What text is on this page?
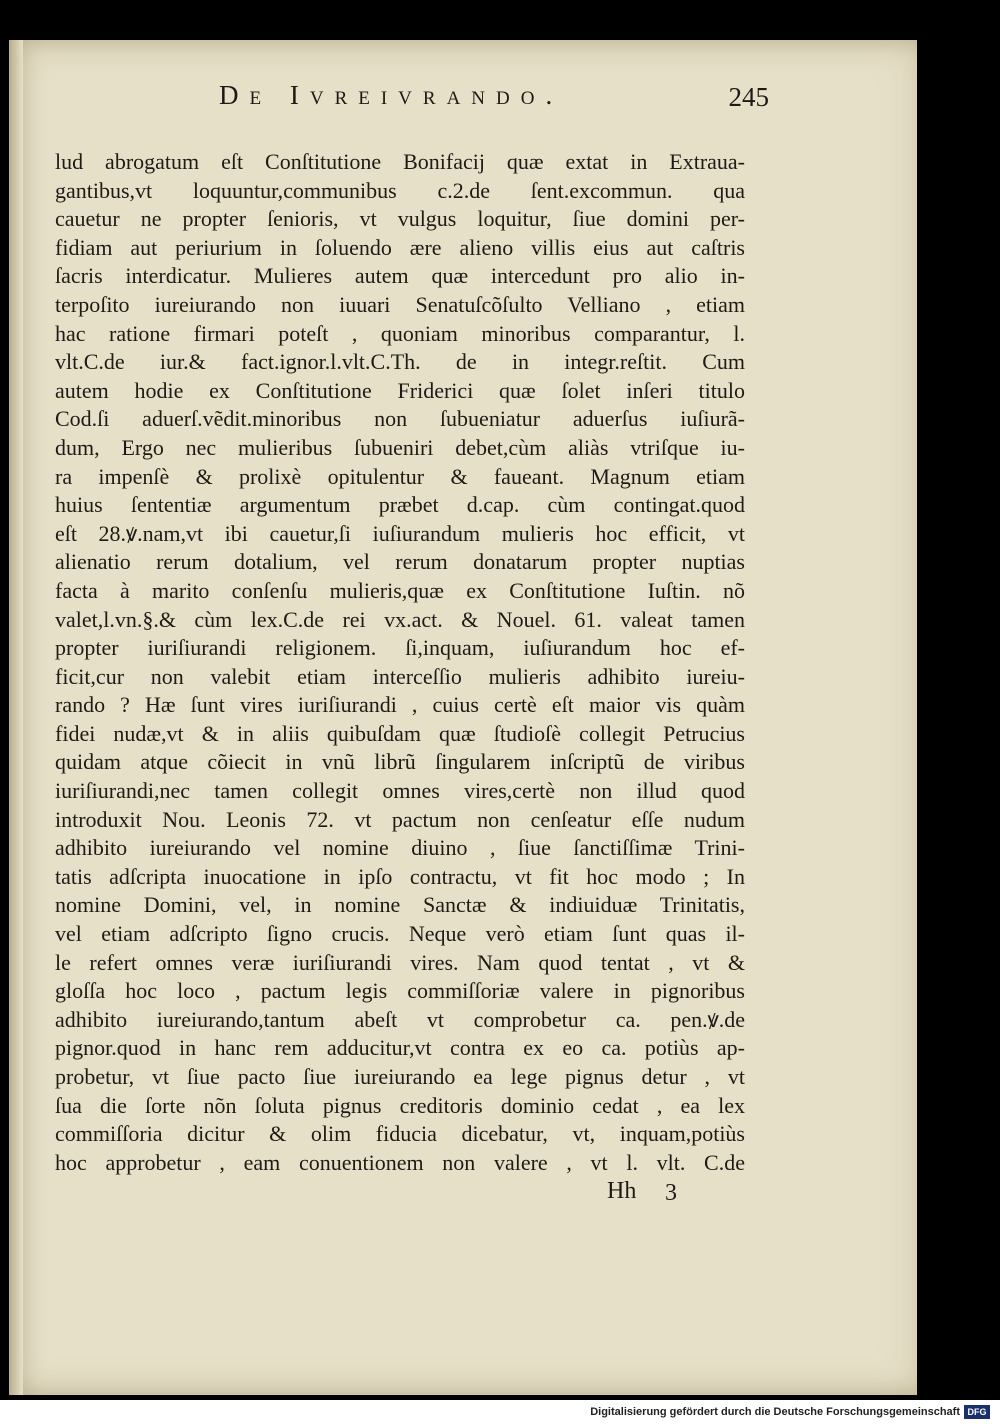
De Ivreivrando.	245
lud abrogatum eſt Conſtitutione Bonifacij quæ extat in Extraua-
gantibus,vt loquuntur,communibus c.2.de ſent.excommun. qua
cauetur ne propter ſenioris, vt vulgus loquitur, ſiue domini per-
fidiam aut periurium in ſoluendo ære alieno villis eius aut caſtris
ſacris interdicatur. Mulieres autem quæ intercedunt pro alio in-
terpoſito iureiurando non iuuari Senatuſcõſulto Velliano , etiam
hac ratione firmari poteſt , quoniam minoribus comparantur, l.
vlt.C.de iur.& fact.ignor.l.vlt.C.Th. de in integr.reſtit. Cum
autem hodie ex Conſtitutione Friderici quæ ſolet inſeri titulo
Cod.ſi aduerſ.vẽdit.minoribus non ſubueniatur aduerſus iuſiurã-
dum, Ergo nec mulieribus ſubueniri debet,cùm aliàs vtriſque iu-
ra impenſè & prolixè opitulentur & faueant. Magnum etiam
huius ſententiæ argumentum præbet d.cap. cùm contingat.quod
eſt 28.ꝟ.nam,vt ibi cauetur,ſi iuſiurandum mulieris hoc efficit, vt
alienatio rerum dotalium, vel rerum donatarum propter nuptias
facta à marito conſenſu mulieris,quæ ex Conſtitutione Iuſtin. nõ
valet,l.vn.§.& cùm lex.C.de rei vx.act. & Nouel. 61. valeat tamen
propter iuriſiurandi religionem. ſi,inquam, iuſiurandum hoc ef-
ficit,cur non valebit etiam interceſſio mulieris adhibito iureiu-
rando ? Hæ ſunt vires iuriſiurandi , cuius certè eſt maior vis quàm
fidei nudæ,vt & in aliis quibuſdam quæ ſtudioſè collegit Petrucius
quidam atque cõiecit in vnũ librũ ſingularem inſcriptũ de viribus
iuriſiurandi,nec tamen collegit omnes vires,certè non illud quod
introduxit Nou. Leonis 72. vt pactum non cenſeatur eſſe nudum
adhibito iureiurando vel nomine diuino , ſiue ſanctiſſimæ Trini-
tatis adſcripta inuocatione in ipſo contractu, vt fit hoc modo ; In
nomine Domini, vel, in nomine Sanctæ & indiuiduæ Trinitatis,
vel etiam adſcripto ſigno crucis. Neque verò etiam ſunt quas il-
le refert omnes veræ iuriſiurandi vires. Nam quod tentat , vt &
gloſſa hoc loco , pactum legis commiſſoriæ valere in pignoribus
adhibito iureiurando,tantum abeſt vt comprobetur ca. pen.ꝟ.de
pignor.quod in hanc rem adducitur,vt contra ex eo ca. potiùs ap-
probetur, vt ſiue pacto ſiue iureiurando ea lege pignus detur , vt
ſua die ſorte nõn ſoluta pignus creditoris dominio cedat , ea lex
commiſſoria dicitur & olim fiducia dicebatur, vt, inquam,potiùs
hoc approbetur , eam conuentionem non valere , vt l. vlt. C.de
Hh 3
Digitalisierung gefördert durch die Deutsche Forschungsgemeinschaft DFG
